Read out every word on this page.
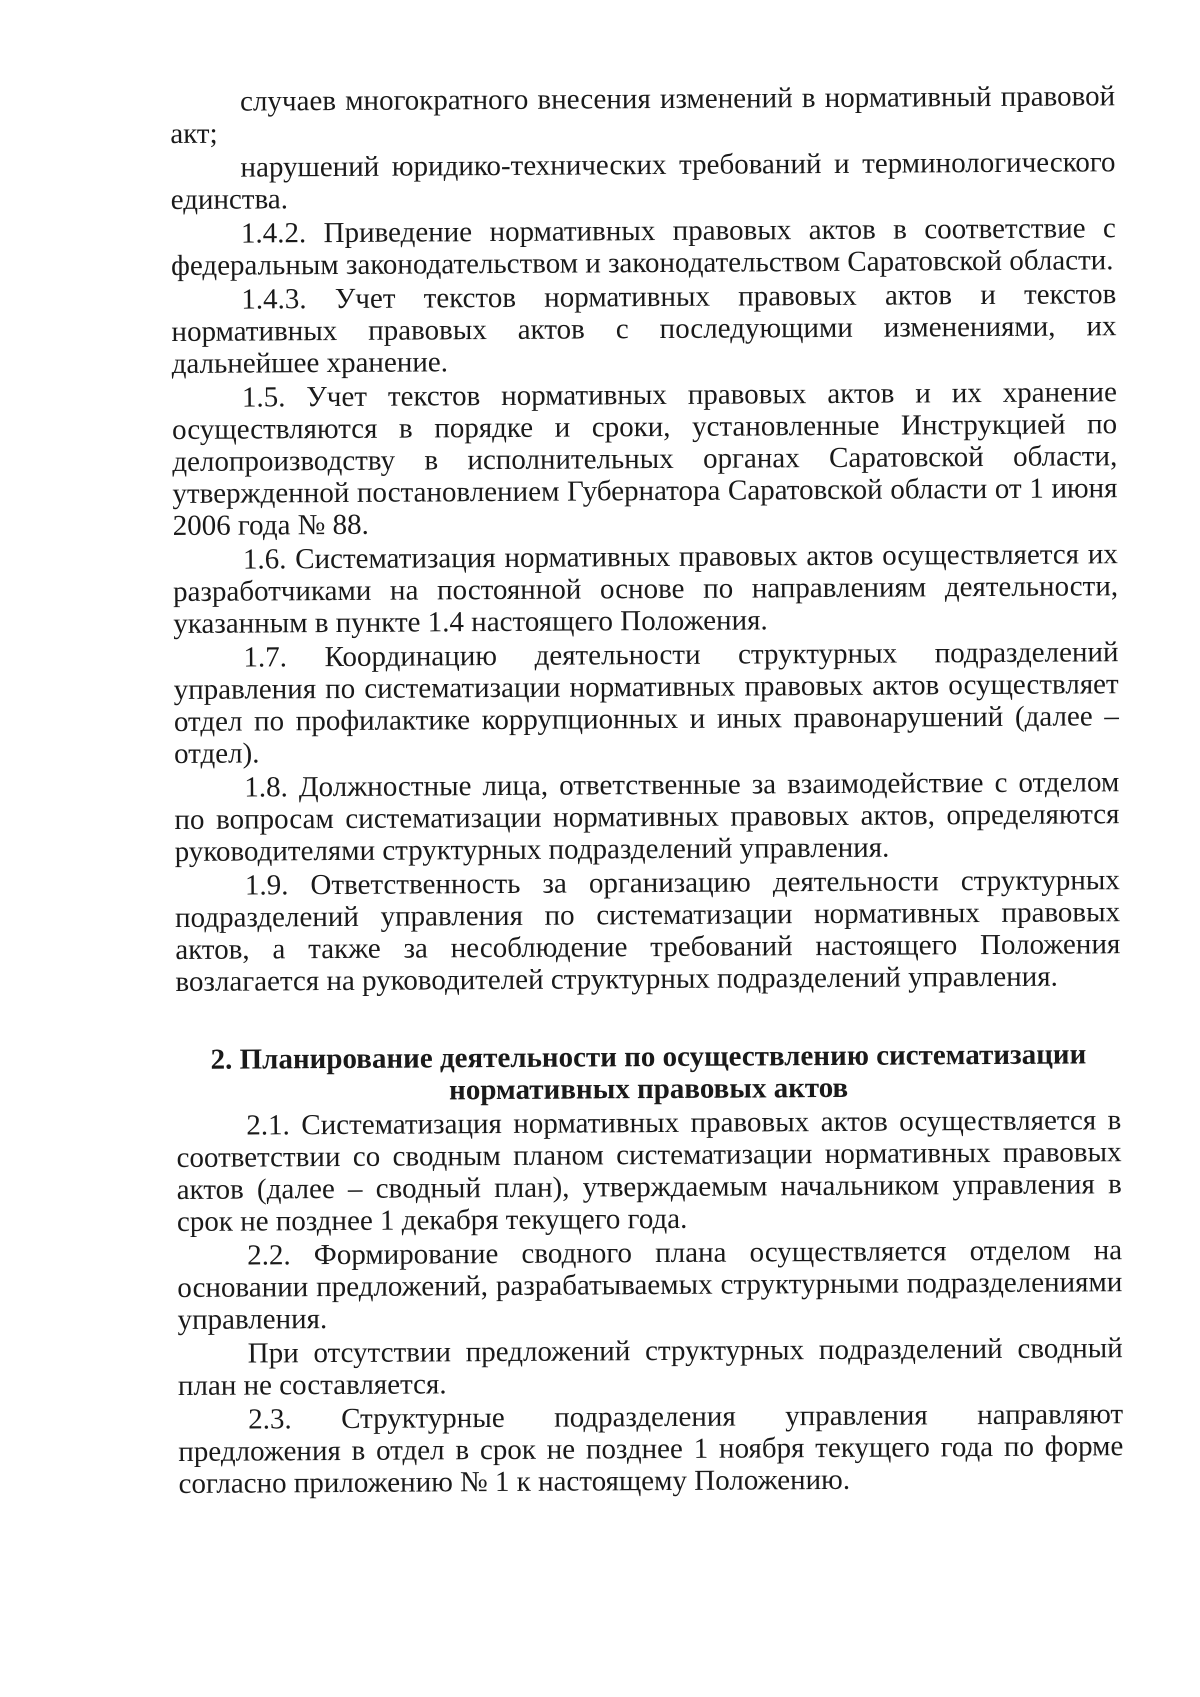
случаев многократного внесения изменений в нормативный правовой акт;

нарушений юридико-технических требований и терминологического единства.

1.4.2. Приведение нормативных правовых актов в соответствие с федеральным законодательством и законодательством Саратовской области.

1.4.3. Учет текстов нормативных правовых актов и текстов нормативных правовых актов с последующими изменениями, их дальнейшее хранение.

1.5. Учет текстов нормативных правовых актов и их хранение осуществляются в порядке и сроки, установленные Инструкцией по делопроизводству в исполнительных органах Саратовской области, утвержденной постановлением Губернатора Саратовской области от 1 июня 2006 года № 88.

1.6. Систематизация нормативных правовых актов осуществляется их разработчиками на постоянной основе по направлениям деятельности, указанным в пункте 1.4 настоящего Положения.

1.7. Координацию деятельности структурных подразделений управления по систематизации нормативных правовых актов осуществляет отдел по профилактике коррупционных и иных правонарушений (далее – отдел).

1.8. Должностные лица, ответственные за взаимодействие с отделом по вопросам систематизации нормативных правовых актов, определяются руководителями структурных подразделений управления.

1.9. Ответственность за организацию деятельности структурных подразделений управления по систематизации нормативных правовых актов, а также за несоблюдение требований настоящего Положения возлагается на руководителей структурных подразделений управления.

2. Планирование деятельности по осуществлению систематизации нормативных правовых актов

2.1. Систематизация нормативных правовых актов осуществляется в соответствии со сводным планом систематизации нормативных правовых актов (далее – сводный план), утверждаемым начальником управления в срок не позднее 1 декабря текущего года.

2.2. Формирование сводного плана осуществляется отделом на основании предложений, разрабатываемых структурными подразделениями управления.

При отсутствии предложений структурных подразделений сводный план не составляется.

2.3. Структурные подразделения управления направляют предложения в отдел в срок не позднее 1 ноября текущего года по форме согласно приложению № 1 к настоящему Положению.
